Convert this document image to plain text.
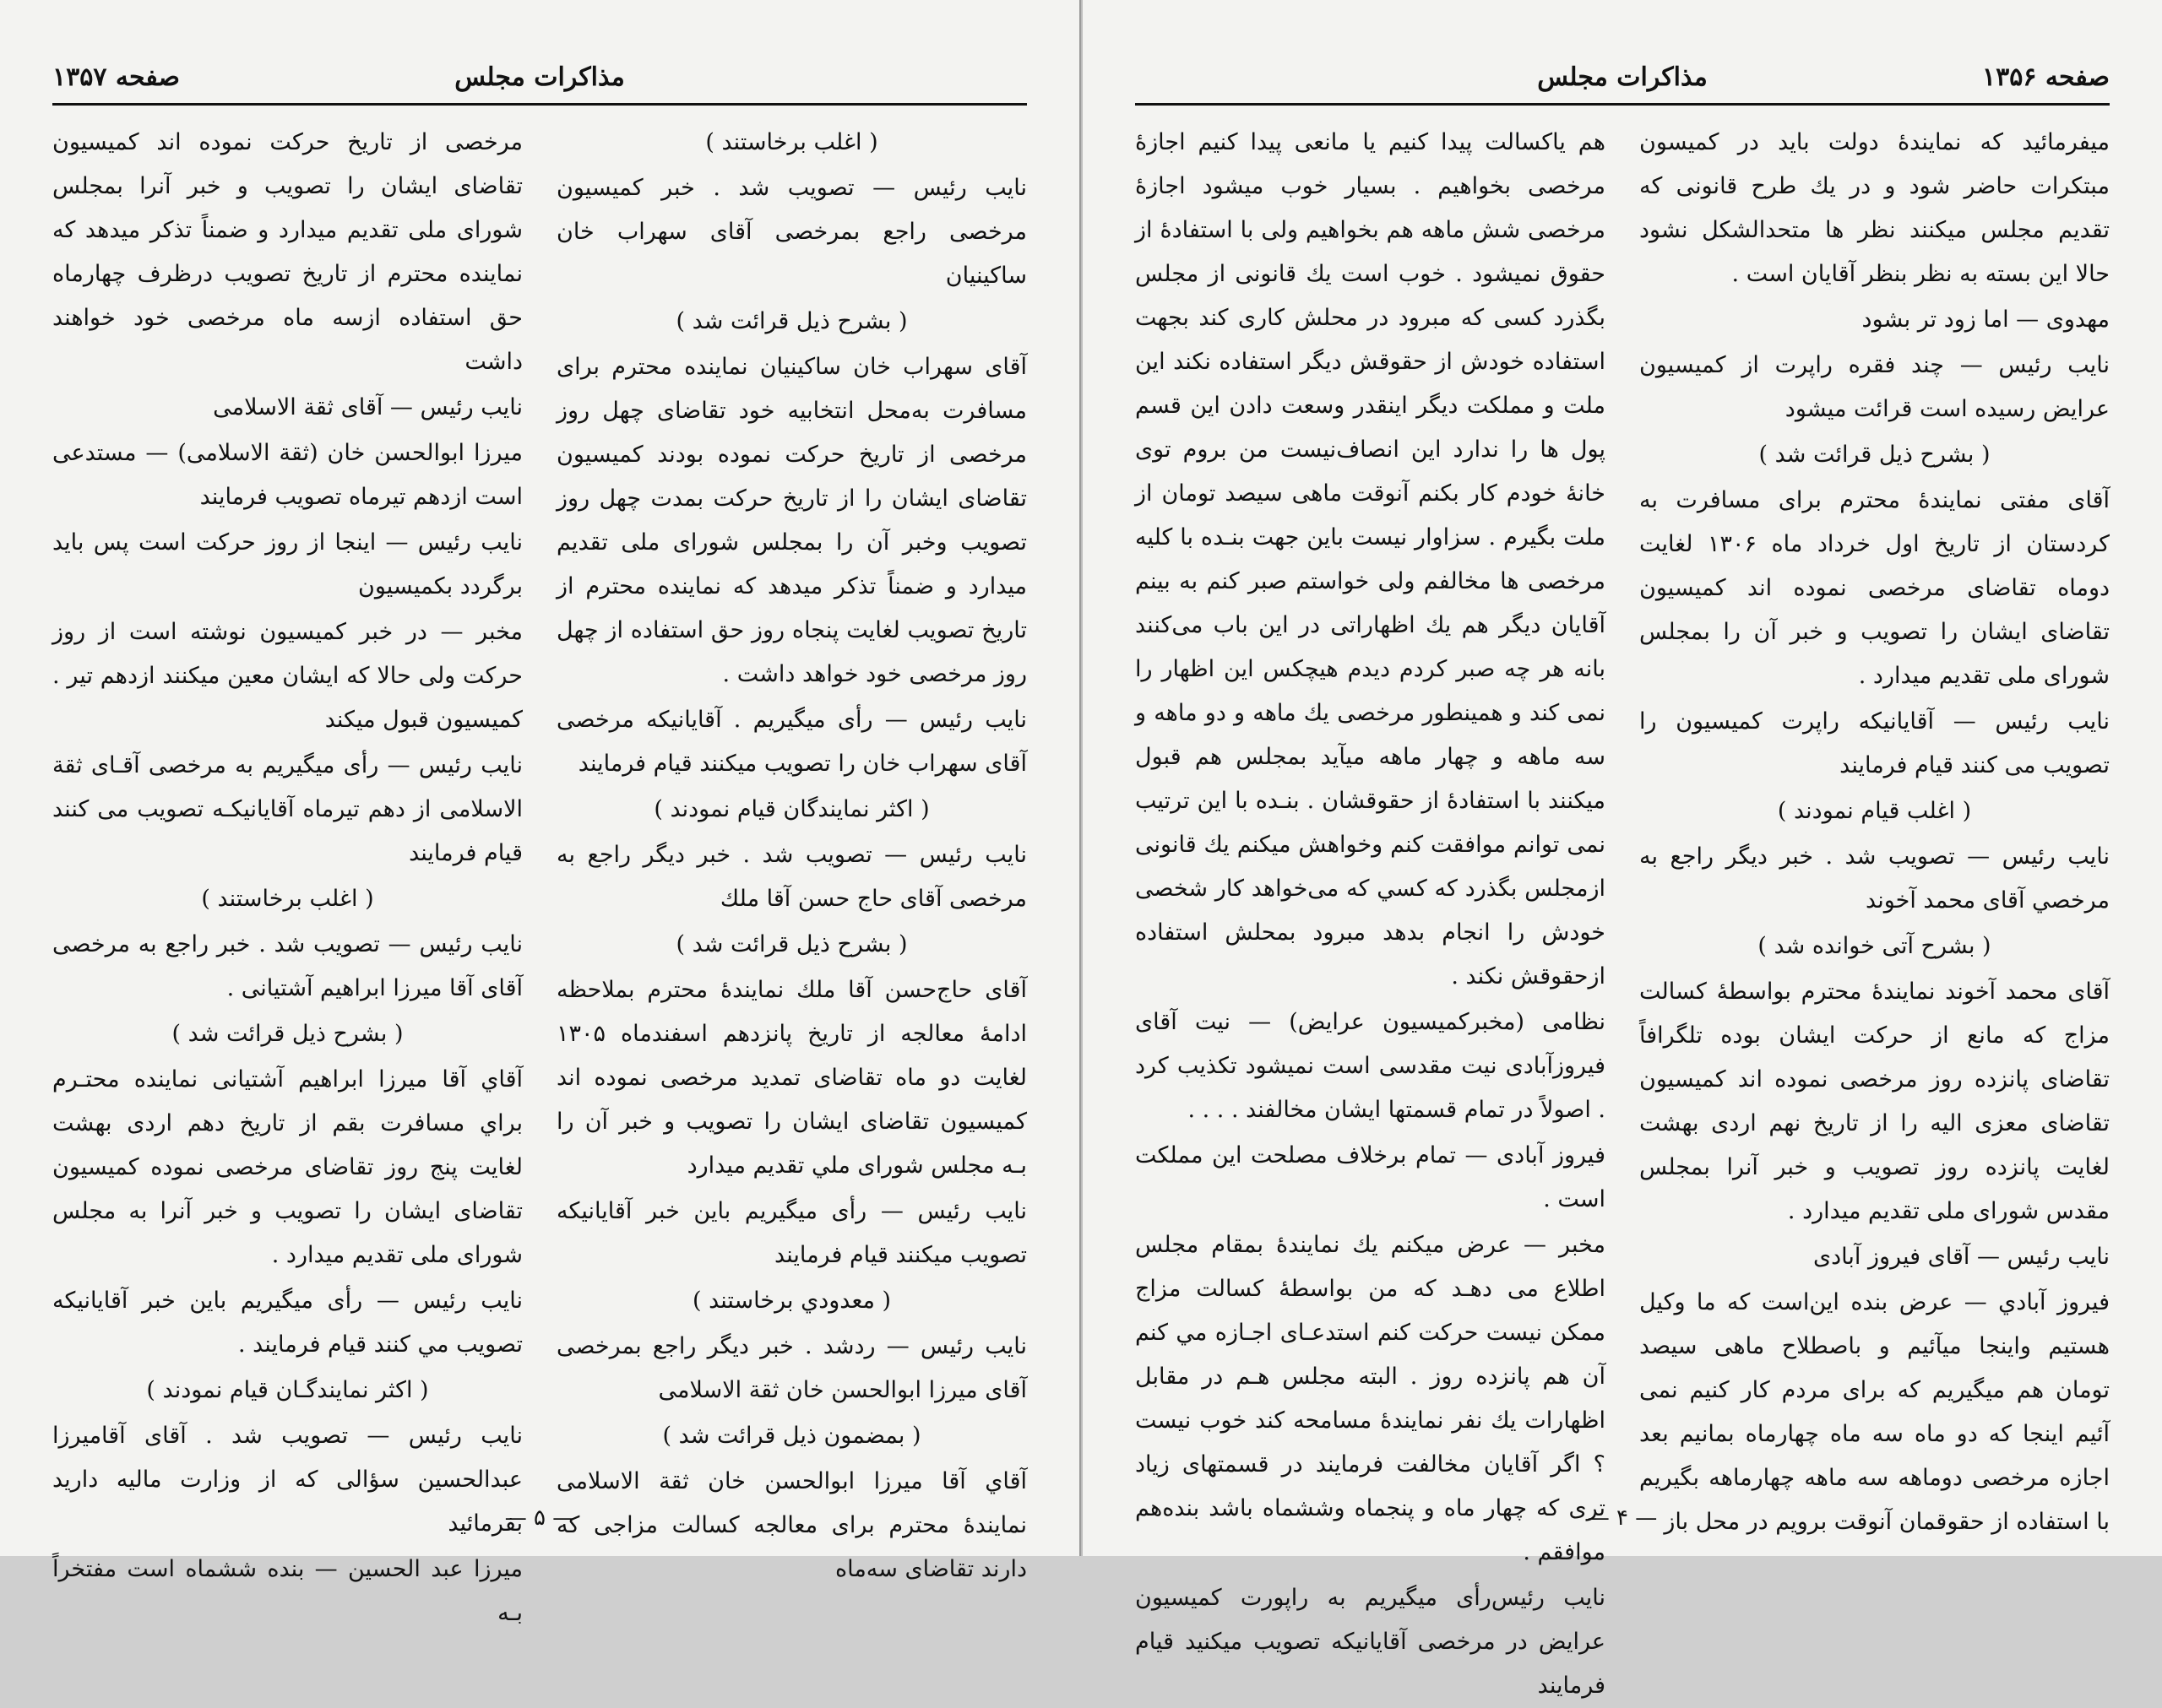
مذاكرات مجلس
صفحه ۱۳۵۷

( اغلب برخاستند )

نایب رئیس — تصویب شد . خبر کمیسیون مرخصی راجع بمرخصی آقای سهراب خان ساکینیان

( بشرح ذیل قرائت شد )

آقای سهراب خان ساکینیان نماینده محترم برای مسافرت به‌محل انتخابیه خود تقاضای چهل روز مرخصی از تاریخ حرکت نموده بودند کمیسیون تقاضای ایشان را از تاریخ حرکت بمدت چهل روز تصویب وخبر آن را بمجلس شورای ملی تقدیم میدارد و ضمناً تذکر میدهد که نماینده محترم از تاریخ تصویب لغایت پنجاه روز حق استفاده از چهل روز مرخصی خود خواهد داشت .

نایب رئیس — رأی میگیریم . آقایانیکه مرخصی آقای سهراب خان را تصویب میکنند قیام فرمایند

( اکثر نمایندگان قیام نمودند )

نایب رئیس — تصویب شد . خبر دیگر راجع به مرخصی آقای حاج حسن آقا ملك

( بشرح ذیل قرائت شد )

آقای حاج‌حسن آقا ملك نمایندهٔ محترم بملاحظه ادامهٔ معالجه از تاریخ پانزدهم اسفندماه ۱۳۰۵ لغایت دو ماه تقاضای تمدید مرخصی نموده اند کمیسیون تقاضای ایشان را تصویب و خبر آن را بـه مجلس شورای ملي تقدیم میدارد

نایب رئیس — رأی میگیریم باین خبر آقایانیکه تصویب میکنند قیام فرمایند

( معدودي برخاستند )

نایب رئیس — ردشد . خبر دیگر راجع بمرخصی آقای میرزا ابوالحسن خان ثقة الاسلامی

( بمضمون ذیل قرائت شد )

آقاي آقا میرزا ابوالحسن خان ثقة الاسلامی نمایندهٔ محترم برای معالجه کسالت مزاجی که دارند تقاضای سه‌ماه

مرخصی از تاریخ حرکت نموده اند کمیسیون تقاضای ایشان را تصویب و خبر آنرا بمجلس شورای ملی تقدیم میدارد و ضمناً تذکر میدهد که نماینده محترم از تاریخ تصویب درظرف چهارماه حق استفاده ازسه ماه مرخصی خود خواهند داشت

نایب رئیس — آقای ثقة الاسلامی

میرزا ابوالحسن خان (ثقة الاسلامی) — مستدعی است ازدهم تیرماه تصویب فرمایند

نایب رئیس — اینجا از روز حرکت است پس باید برگردد بکمیسیون

مخبر — در خبر کمیسیون نوشته است از روز حرکت ولی حالا که ایشان معین میکنند ازدهم تیر . کمیسیون قبول میکند

نایب رئیس — رأی میگیریم به مرخصی آقـای ثقة الاسلامی از دهم تیرماه آقایانیکـه تصویب می کنند قیام فرمایند

( اغلب برخاستند )

نایب رئیس — تصویب شد . خبر راجع به مرخصی آقای آقا میرزا ابراهیم آشتیانی .

( بشرح ذیل قرائت شد )

آقاي آقا میرزا ابراهیم آشتیانی نماینده محتـرم براي مسافرت بقم از تاریخ دهم اردی بهشت لغایت پنج روز تقاضای مرخصی نموده کمیسیون تقاضای ایشان را تصویب و خبر آنرا به مجلس شورای ملی تقدیم میدارد .

نایب رئیس — رأی میگیریم باین خبر آقایانیکه تصویب مي کنند قیام فرمایند .

( اکثر نمایندگـان قیام نمودند )

نایب رئیس — تصویب شد . آقای آقامیرزا عبدالحسین سؤالی که از وزارت مالیه داريد بفرمائید

میرزا عبد الحسین — بنده ششماه است مفتخراً بـه

— ۵ —
مذاكرات مجلس	صفحه ۱۳۵۶

میفرمائید که نمایندهٔ دولت باید در کمیسون مبتکرات حاضر شود و در یك طرح قانونی که تقدیم مجلس میکنند نظر ها متحدالشکل نشود حالا این بسته به نظر بنظر آقایان است .

مهدوی — اما زود تر بشود

نایب رئیس — چند فقره راپرت از کمیسیون عرایض رسیده است قرائت میشود

( بشرح ذیل قرائت شد )

آقای مفتی نمایندهٔ محترم برای مسافرت به کردستان از تاریخ اول خرداد ماه ۱۳۰۶ لغایت دوماه تقاضای مرخصی نموده اند کمیسیون تقاضای ایشان را تصویب و خبر آن را بمجلس شورای ملی تقدیم میدارد .

نایب رئیس — آقایانیکه راپرت کمیسیون را تصویب می کنند قیام فرمایند

( اغلب قیام نمودند )

نایب رئیس — تصویب شد . خبر دیگر راجع به مرخصي آقای محمد آخوند

( بشرح آتی خوانده شد )

آقای محمد آخوند نمایندهٔ محترم بواسطهٔ کسالت مزاج که مانع از حرکت ایشان بوده تلگرافاً تقاضای پانزده روز مرخصی نموده اند کمیسیون تقاضای معزی الیه را از تاریخ نهم اردی بهشت لغایت پانزده روز تصویب و خبر آنرا بمجلس مقدس شورای ملی تقدیم میدارد .

نایب رئیس — آقای فیروز آبادی

فیروز آبادي — عرض بنده این‌است که ما وکیل هستیم واینجا میآئیم و باصطلاح ماهی سیصد تومان هم میگیریم که برای مردم کار کنیم نمی آئیم اینجا که دو ماه سه ماه چهارماه بمانیم بعد اجازه مرخصی دوماهه سه ماهه چهارماهه بگیریم با استفاده از حقوقمان آنوقت برویم در محل باز

هم یاکسالت پیدا کنیم یا مانعی پیدا کنیم اجازهٔ مرخصی بخواهیم . بسیار خوب میشود اجازهٔ مرخصی شش ماهه هم بخواهیم ولی با استفادهٔ از حقوق نمیشود . خوب است یك قانونی از مجلس بگذرد کسی که مبرود در محلش کاری کند بجهت استفاده خودش از حقوقش دیگر استفاده نکند این ملت و مملکت دیگر اینقدر وسعت دادن این قسم پول ها را ندارد این انصاف‌نیست من بروم توی خانهٔ خودم کار بکنم آنوقت ماهی سیصد تومان از ملت بگیرم . سزاوار نیست باین جهت بنـده با کلیه مرخصی ها مخالفم ولی خواستم صبر کنم به بینم آقایان دیگر هم یك اظهاراتی در این باب می‌کنند بانه هر چه صبر کردم دیدم هیچکس این اظهار را نمی کند و همینطور مرخصی یك ماهه و دو ماهه و سه ماهه و چهار ماهه میآید بمجلس هم قبول میکنند با استفادهٔ از حقوقشان . بنـده با این ترتیب نمی توانم موافقت کنم وخواهش میکنم یك قانونی ازمجلس بگذرد که کسي که می‌خواهد کار شخصی خودش را انجام بدهد مبرود بمحلش استفاده ازحقوقش نکند .

نظامی (مخبرکمیسیون عرایض) — نیت آقای فیروزآبادی نیت مقدسی است نمیشود تکذیب کرد . اصولاً در تمام قسمتها ایشان مخالفند . . . .

فیروز آبادی — تمام برخلاف مصلحت این مملکت است .

مخبر — عرض میکنم یك نمایندهٔ بمقام مجلس اطلاع می دهـد که من بواسطهٔ کسالت مزاج ممکن نیست حرکت کنم استدعـای اجـازه مي کنم آن هم پانزده روز . البته مجلس هـم در مقابل اظهارات یك نفر نمایندهٔ مسامحه کند خوب نیست ؟ اگر آقایان مخالفت فرمایند در قسمتهای زیاد تری که چهار ماه و پنجماه وششماه باشد بنده‌هم موافقم .

نایب رئیس‌رأی میگیریم به راپورت کمیسیون عرایض در مرخصی آقایانیکه تصویب میکنید قیام فرمایند

— ۴ —
